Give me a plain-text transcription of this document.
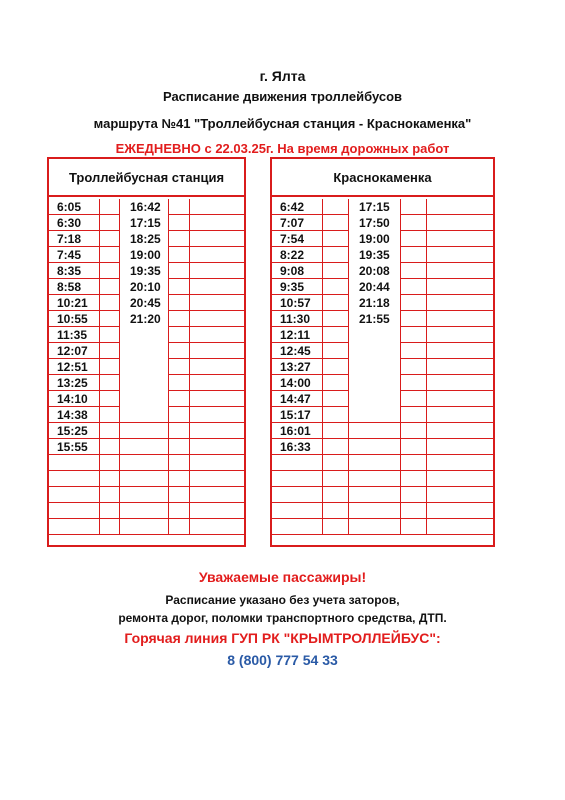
г. Ялта
Расписание движения троллейбусов
маршрута №41 "Троллейбусная станция - Краснокаменка"
ЕЖЕДНЕВНО с 22.03.25г. На время дорожных работ
Троллейбусная станция
6:05
6:30
7:18
7:45
8:35
8:58
10:21
10:55
11:35
12:07
12:51
13:25
14:10
14:38
15:25
15:55
16:42
17:15
18:25
19:00
19:35
20:10
20:45
21:20
Краснокаменка
6:42
7:07
7:54
8:22
9:08
9:35
10:57
11:30
12:11
12:45
13:27
14:00
14:47
15:17
16:01
16:33
17:15
17:50
19:00
19:35
20:08
20:44
21:18
21:55
Уважаемые пассажиры!
Расписание указано без учета заторов,
ремонта дорог, поломки транспортного средства, ДТП.
Горячая линия ГУП РК "КРЫМТРОЛЛЕЙБУС":
8 (800) 777 54 33
